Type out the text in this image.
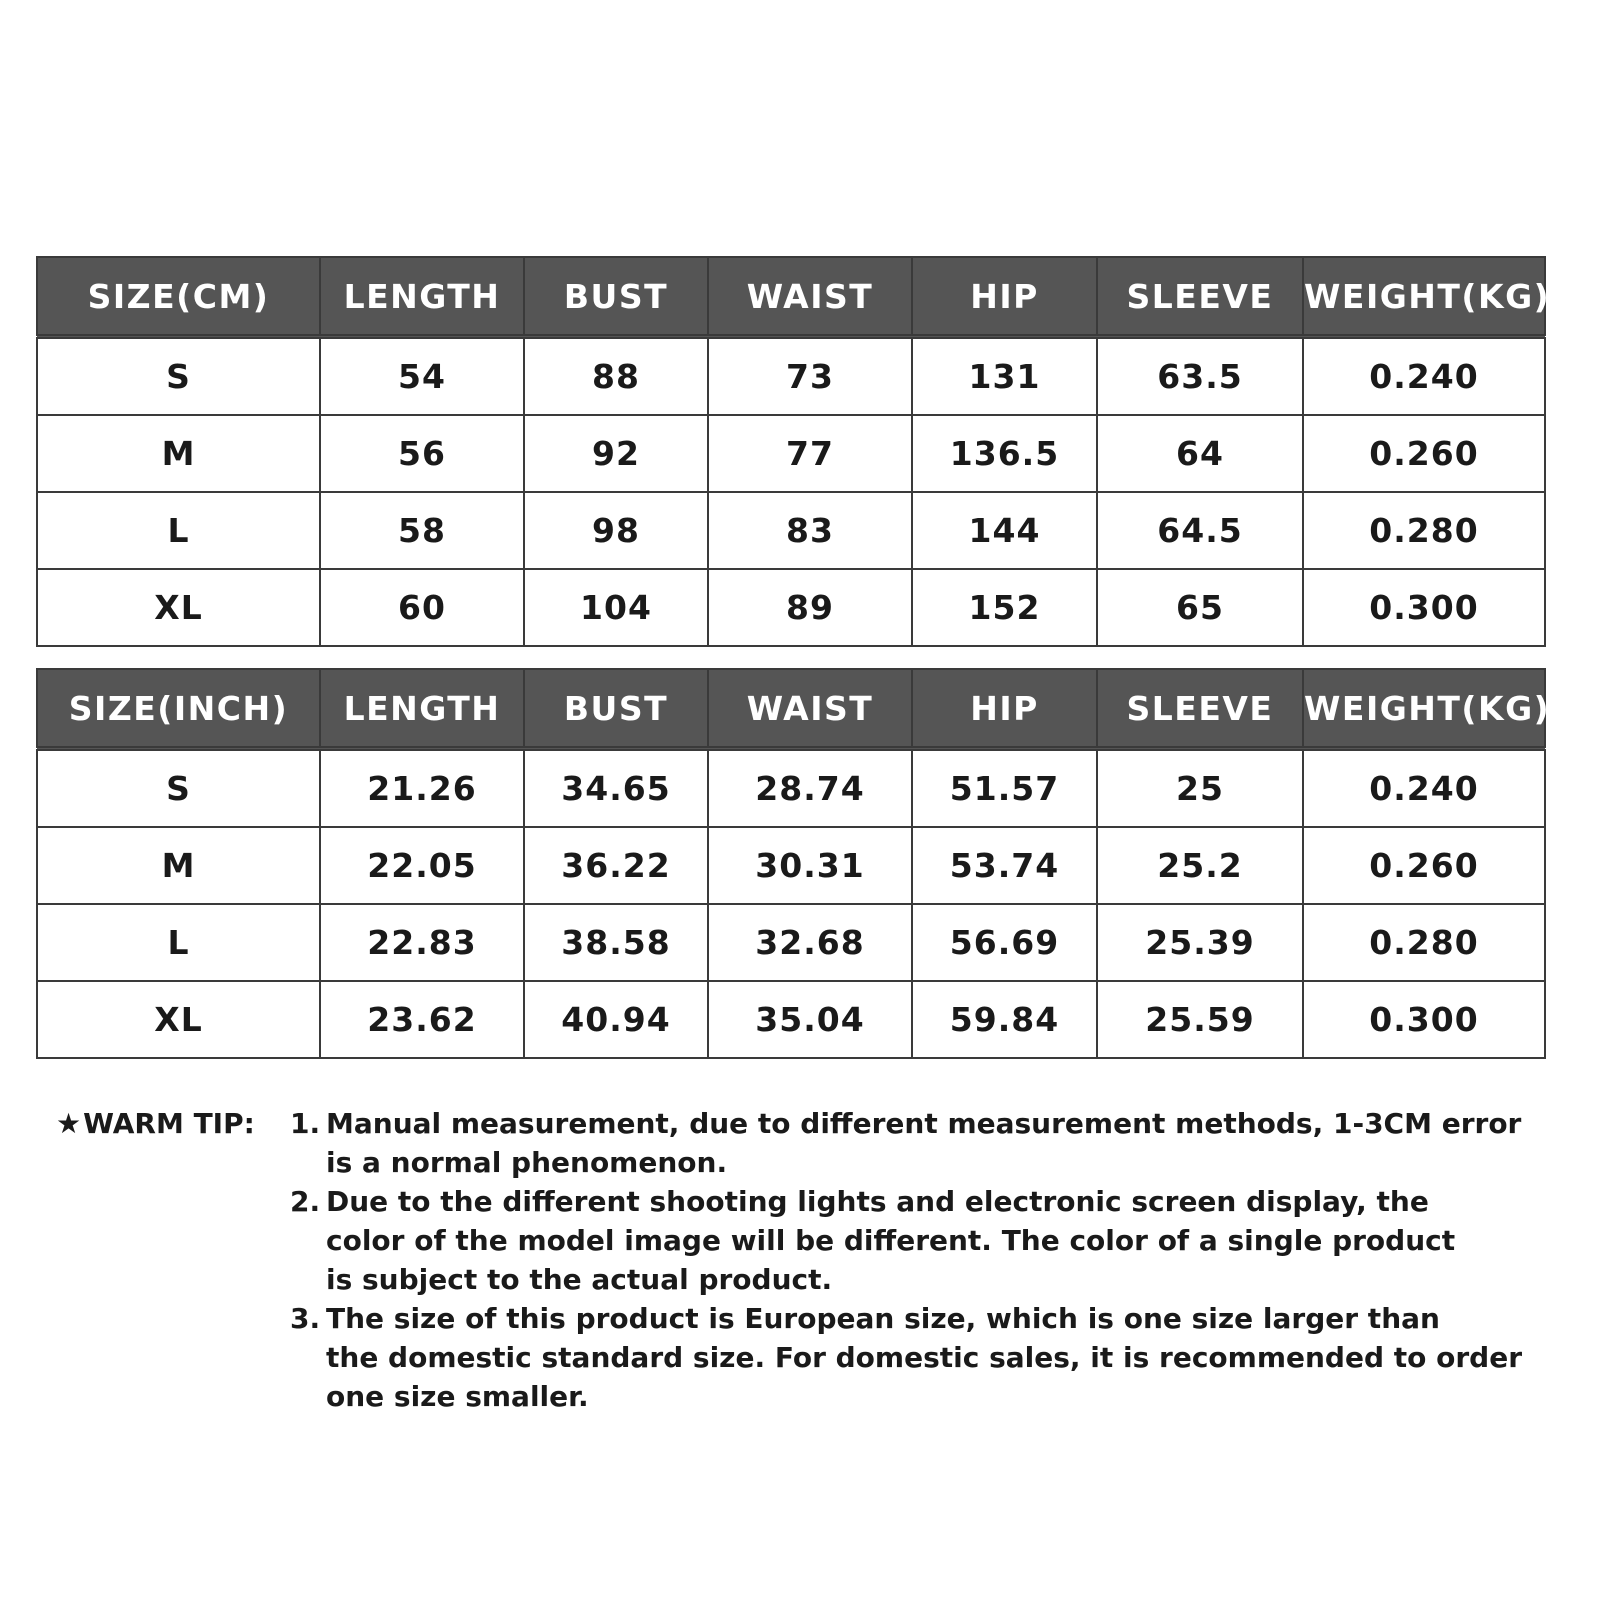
SIZE(CM)	LENGTH	BUST	WAIST	HIP	SLEEVE	WEIGHT(KG)
S	54	88	73	131	63.5	0.240
M	56	92	77	136.5	64	0.260
L	58	98	83	144	64.5	0.280
XL	60	104	89	152	65	0.300
SIZE(INCH)	LENGTH	BUST	WAIST	HIP	SLEEVE	WEIGHT(KG)
S	21.26	34.65	28.74	51.57	25	0.240
M	22.05	36.22	30.31	53.74	25.2	0.260
L	22.83	38.58	32.68	56.69	25.39	0.280
XL	23.62	40.94	35.04	59.84	25.59	0.300
★WARM TIP: 1. Manual measurement, due to different measurement methods, 1-3CM error
is a normal phenomenon.
2. Due to the different shooting lights and electronic screen display, the
color of the model image will be different. The color of a single product
is subject to the actual product.
3. The size of this product is European size, which is one size larger than
the domestic standard size. For domestic sales, it is recommended to order
one size smaller.
